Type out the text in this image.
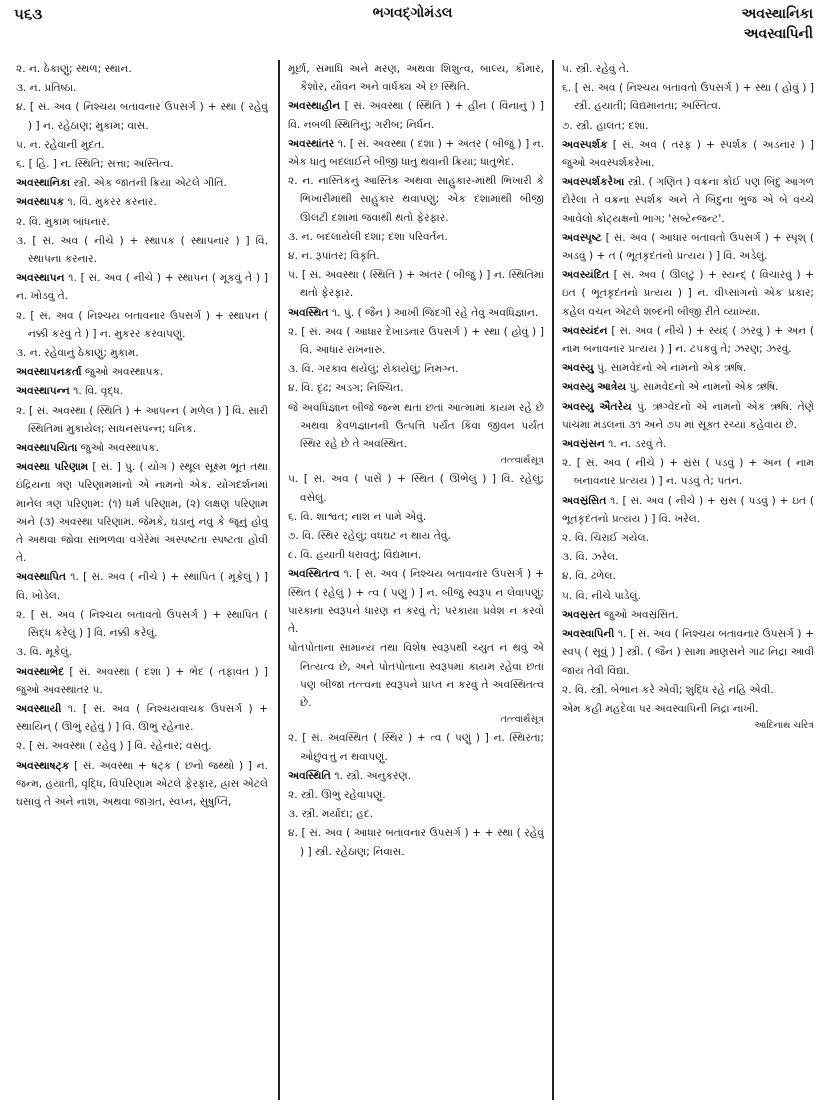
૫૬૩	ભગવદ્ગોમંડલ	અવસ્થાનિકા
અવસ્વાપિની
૨. ન. ઠેકાણું; સ્થળ; સ્થાન.
૩. ન. પ્રતિષ્ઠા.
૪. [ સં. અવ ( નિશ્ચય બતાવનાર ઉપસર્ગ ) + સ્થા ( રહેવું ) ] ન. રહેઠાણ; મુકામ; વાસ.
૫. ન. રહેવાની મુદત.
૬. [ હિં. ] ન. સ્થિતિ; સત્તા; અસ્તિત્વ.
અવસ્થાનિકા સ્ત્રી. એક જાતની ક્રિયા એટલે ગીતિ.
અવસ્થાપક ૧. વિ. મુકરર કરનાર.
૨. વિ. મુકામ બાંધનાર.
૩. [ સં. અવ ( નીચે ) + સ્થાપક ( સ્થાપનાર ) ] વિ. સ્થાપના કરનાર.
અવસ્થાપન ૧. [ સં. અવ ( નીચે ) + સ્થાપન ( મૂકવું તે ) ] ન. ખોડવું તે.
૨. [ સં. અવ ( નિશ્ચય બતાવનાર ઉપસર્ગ ) + સ્થાપન ( નક્કી કરવું તે ) ] ન. મુકરર કરવાપણું.
૩. ન. રહેવાનું ઠેકાણું; મુકામ.
અવસ્થાપનકર્તા જુઓ અવસ્થાપક.
અવસ્થાપન્ન ૧. વિ. વૃદ્ધ.
૨. [ સં. અવસ્થા ( સ્થિતિ ) + આપન્ન ( મળેલ ) ] વિ. સારી સ્થિતિમાં મુકાયેલ; સાધનસંપન્ન; ધનિક.
અવસ્થાપયિતા જુઓ અવસ્થાપક.
અવસ્થા પરિણામ [ સં. ] પું. ( યોગ ) સ્થૂલ સૂક્ષ્મ ભૂત તથા ઇંદ્રિયના ત્રણ પરિણામમાંનો એ નામનો એક. યોગદર્શનમાં માનેલ ત્રણ પરિણામ: (૧) ધર્મ પરિણામ, (૨) લક્ષણ પરિણામ અને (૩) અવસ્થા પરિણામ. જેમકે, ઘડાનું નવું કે જૂનું હોવું તે અથવા જોવા સાંભળવા વગેરેમાં અસ્પષ્ટતા સ્પષ્ટતા હોવી તે.
અવસ્થાપિત ૧. [ સં. અવ ( નીચે ) + સ્થાપિત ( મૂકેલું ) ] વિ. ખોડેલ.
૨. [ સં. અવ ( નિશ્ચય બતાવતો ઉપસર્ગ ) + સ્થાપિત ( સિદ્ધ કરેલું ) ] વિ. નક્કી કરેલું.
૩. વિ. મૂકેલું.
અવસ્થાભેદ [ સં. અવસ્થા ( દશા ) + ભેદ ( તફાવત ) ] જુઓ અવસ્થાંતર ૫.
અવસ્થાયી ૧. [ સં. અવ ( નિશ્ચયવાચક ઉપસર્ગ ) + સ્થાયિન્ ( ઊભું રહેવું ) ] વિ. ઊભું રહેનાર.
૨. [ સં. અવસ્થા ( રહેવું ) ] વિ. રહેનાર; વસતું.
અવસ્થાષટ્ક [ સં. અવસ્થા + ષટ્ક ( છનો જથ્થો ) ] ન. જન્મ, હયાતી, વૃદ્ધિ, વિપરિણામ એટલે ફેરફાર, હ્રાસ એટલે ઘસાવું તે અને નાશ, અથવા જાગ્રત, સ્વપ્ન, સુષુપ્તિ,
મૂર્છા, સમાધિ અને મરણ, અથવા શિશુત્વ, બાલ્ય, કૌમાર, કૈશોર, યૌવન અને વાર્ધક્ય એ છ સ્થિતિ.
અવસ્થાહીન [ સં. અવસ્થા ( સ્થિતિ ) + હીન ( વિનાનું ) ] વિ. નબળી સ્થિતિનું; ગરીબ; નિર્ધન.
અવસ્થાંતર ૧. [ સં. અવસ્થા ( દશા ) + અંતર ( બીજું ) ] ન. એક ધાતુ બદલાઈને બીજી ધાતુ થવાની ક્રિયા; ધાતુભેદ.
૨. ન. નાસ્તિકનું આસ્તિક અથવા સાહુકાર-માંથી ભિખારી કે ભિખારીમાંથી સાહુકાર થવાપણું; એક દશામાંથી બીજી ઊલટી દશામાં જવાથી થતો ફેરફાર.
૩. ન. બદલાયેલી દશા; દશા પરિવર્તન.
૪. ન. રૂપાંતર; વિકૃતિ.
૫. [ સં. અવસ્થા ( સ્થિતિ ) + અંતર ( બીજું ) ] ન. સ્થિતિમાં થતો ફેરફાર.
અવસ્થિત ૧. પું. ( જૈન ) આખી જિંદગી રહે તેવું અવધિજ્ઞાન.
૨. [ સં. અવ ( આધાર દેખાડનાર ઉપસર્ગ ) + સ્થા ( હોવું ) ] વિ. આધાર રાખનારું.
૩. વિ. ગરકાવ થયેલું; રોકાયેલું; નિમગ્ન.
૪. વિ. દૃઢ; અડગ; નિશ્ચિત.
જે અવધિજ્ઞાન બીજે જન્મ થતાં છતાં આત્મામાં કાયમ રહે છે અથવા કેવળજ્ઞાનની ઉત્પત્તિ પર્યંત કિંવા જીવન પર્યંત સ્થિર રહે છે તે અવસ્થિત.
તત્ત્વાર્થસૂત્ર
૫. [ સં. અવ ( પાસે ) + સ્થિત ( ઊભેલું ) ] વિ. રહેલું; વસેલું.
૬. વિ. શાશ્વત; નાશ ન પામે એવું.
૭. વિ. સ્થિર રહેલું; વધઘટ ન થાય તેવું.
૮. વિ. હયાતી ધરાવતું; વિદ્યમાન.
અવસ્થિતત્વ ૧. [ સં. અવ ( નિશ્ચય બતાવનાર ઉપસર્ગ ) + સ્થિત ( રહેલું ) + ત્વ ( પણું ) ] ન. બીજું સ્વરૂપ ન લેવાપણું; પારકાના સ્વરૂપને ધારણ ન કરવું તે; પરકાયા પ્રવેશ ન કરવો તે.
પોતપોતાના સામાન્ય તથા વિશેષ સ્વરૂપથી ચ્યુત ન થવું એ નિત્યત્વ છે, અને પોતપોતાના સ્વરૂપમાં કાયમ રહેવા છતાં પણ બીજા તત્ત્વના સ્વરૂપને પ્રાપ્ત ન કરવું તે અવસ્થિતત્વ છે.
તત્ત્વાર્થસૂત્ર
૨. [ સં. અવસ્થિત ( સ્થિર ) + ત્વ ( પણું ) ] ન. સ્થિરતા; ઓછુંવત્તું ન થવાપણું.
અવસ્થિતિ ૧. સ્ત્રી. અનુકરણ.
૨. સ્ત્રી. ઊભું રહેવાપણું.
૩. સ્ત્રી. મર્યાદા; હદ.
૪. [ સં. અવ ( આધાર બતાવનાર ઉપસર્ગ ) + + સ્થા ( રહેવું ) ] સ્ત્રી. રહેઠાણ; નિવાસ.
૫. સ્ત્રી. રહેવું તે.
૬. [ સં. અવ ( નિશ્ચય બતાવતો ઉપસર્ગ ) + સ્થા ( હોવું ) ] સ્ત્રી. હયાતી; વિદ્યમાનતા; અસ્તિત્વ.
૭. સ્ત્રી. હાલત; દશા.
અવસ્પર્શક [ સં. અવ ( તરફ ) + સ્પર્શક ( અડનાર ) ] જુઓ અવસ્પર્શકરેખા.
અવસ્પર્શકરેખા સ્ત્રી. ( ગણિત ) વક્રના કોઈ પણ બિંદુ આગળ દોરેલા તે વક્રના સ્પર્શક અને તે બિંદુના ભુજ એ બે વચ્ચે આવેલો કોટ્યક્ષનો ભાગ; 'સબ્ટૅન્જન્ટ'.
અવસ્પૃષ્ટ [ સં. અવ ( આધાર બતાવતો ઉપસર્ગ ) + સ્પૃશ્ ( અડવું ) + ત ( ભૂતકૃદંતનો પ્રત્યય ) ] વિ. અડેલું.
અવસ્યંદિત [ સં. અવ ( ઊલટું ) + સ્યન્દ્ ( વિચારવું ) + ઇત ( ભૂતકૃદંતનો પ્રત્યય ) ] ન. વીપ્સાંગનો એક પ્રકાર; કહેલ વચન એટલે શબ્દની બીજી રીતે વ્યાખ્યા.
અવસ્યંદન [ સં. અવ ( નીચે ) + સ્યંદ્ ( ઝરવું ) + અન ( નામ બનાવનાર પ્રત્યય ) ] ન. ટપકવું તે; ઝરણ; ઝરવું.
અવસ્યુ પું. સામવેદનો એ નામનો એક ઋષિ.
અવસ્યુ આત્રેય પું. સામવેદનો એ નામનો એક ઋષિ.
અવસ્યુ ઐતરેય પું. ઋગ્વેદનો એ નામનો એક ઋષિ. તેણે પાંચમા મંડલનાં ૩૧ અને ૭૫ માં સૂક્ત રચ્યાં કહેવાય છે.
અવસ્રંસન ૧. ન. ડરવું તે.
૨. [ સં. અવ ( નીચે ) + સ્રંસ ( પડવું ) + અન ( નામ બનાવનાર પ્રત્યય ) ] ન. પડવું તે; પતન.
અવસ્રંસિત ૧. [ સં. અવ ( નીચે ) + સ્રંસ ( પડવું ) + ઇત ( ભૂતકૃદંતનો પ્રત્યય ) ] વિ. ખરેલ.
૨. વિ. ચિરાઈ ગયેલ.
૩. વિ. ઝરેલ.
૪. વિ. ઢળેલ.
૫. વિ. નીચે પાડેલું.
અવસ્રસ્ત જુઓ અવસ્રંસિત.
અવસ્વાપિની ૧. [ સં. અવ ( નિશ્ચય બતાવનાર ઉપસર્ગ ) + સ્વપ્ ( સૂવું ) ] સ્ત્રી. ( જૈન ) સામા માણસને ગાઢ નિદ્રા આવી જાય તેવી વિદ્યા.
૨. વિ. સ્ત્રી. બેભાન કરે એવી; શુદ્ધિ રહે નહિ એવી.
એમ કહી મહદેવા પર અવસ્વાપિની નિદ્રા નાખી.
આદિનાથ ચરિત્ર
